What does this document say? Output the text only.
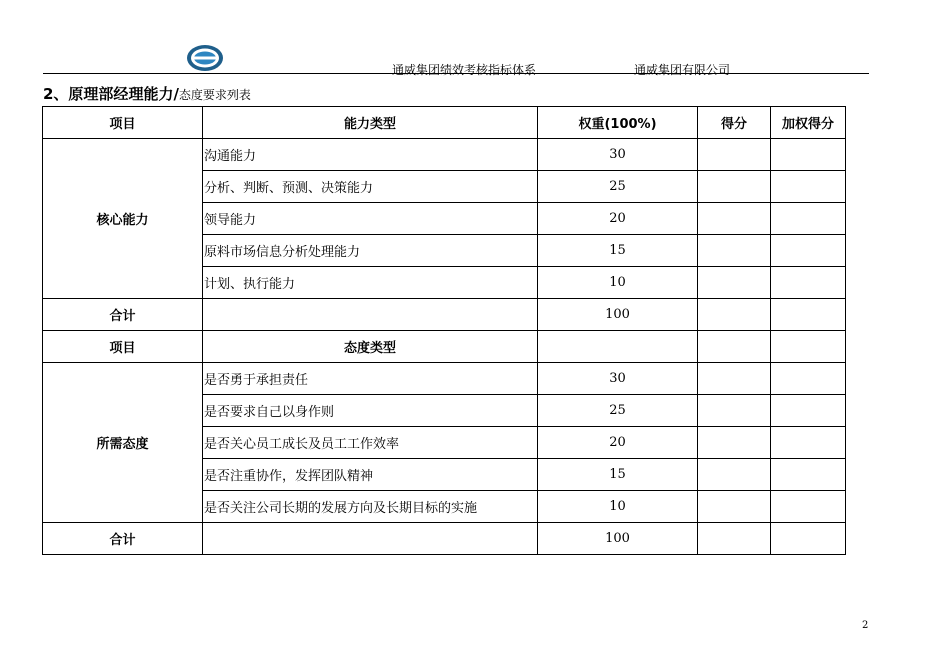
通威集团绩效考核指标体系	通威集团有限公司
2、原理部经理能力/态度要求列表
项目	能力类型	权重(100%)	得分	加权得分
核心能力	沟通能力	30		
	分析、判断、预测、决策能力	25		
	领导能力	20		
	原料市场信息分析处理能力	15		
	计划、执行能力	10		
合计		100		
项目	态度类型			
所需态度	是否勇于承担责任	30		
	是否要求自己以身作则	25		
	是否关心员工成长及员工工作效率	20		
	是否注重协作，发挥团队精神	15		
	是否关注公司长期的发展方向及长期目标的实施	10		
合计		100		
2
